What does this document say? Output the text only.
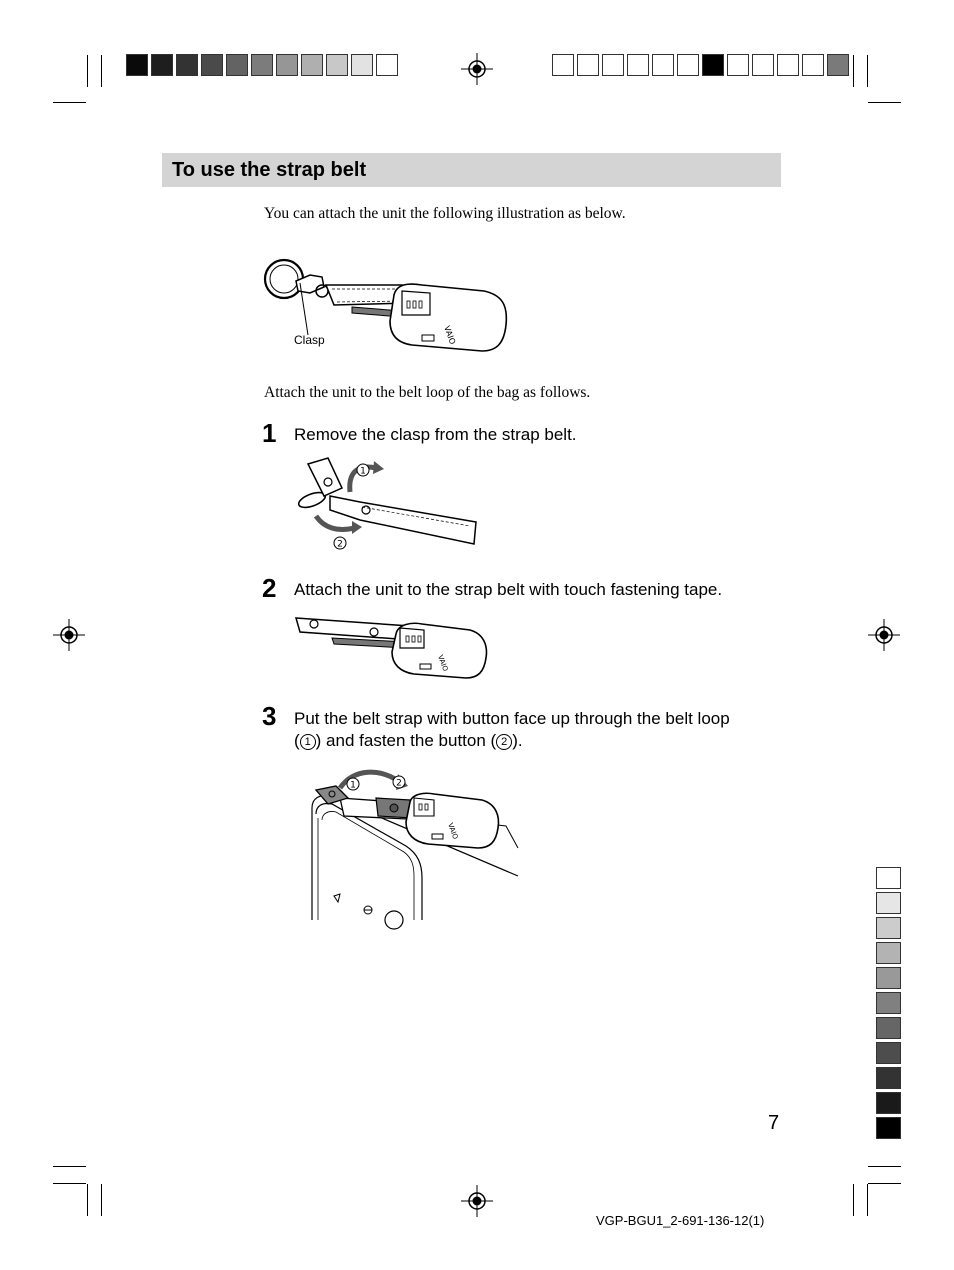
To use the strap belt
You can attach the unit the following illustration as below.
VAIO
Clasp
Attach the unit to the belt loop of the bag as follows.
1 Remove the clasp from the strap belt.
1
2
2 Attach the unit to the strap belt with touch fastening tape.
VAIO
3 Put the belt strap with button face up through the belt loop
( 1 ) and fasten the button ( 2 ).
VAIO
1	2
7
VGP-BGU1_2-691-136-12(1)
